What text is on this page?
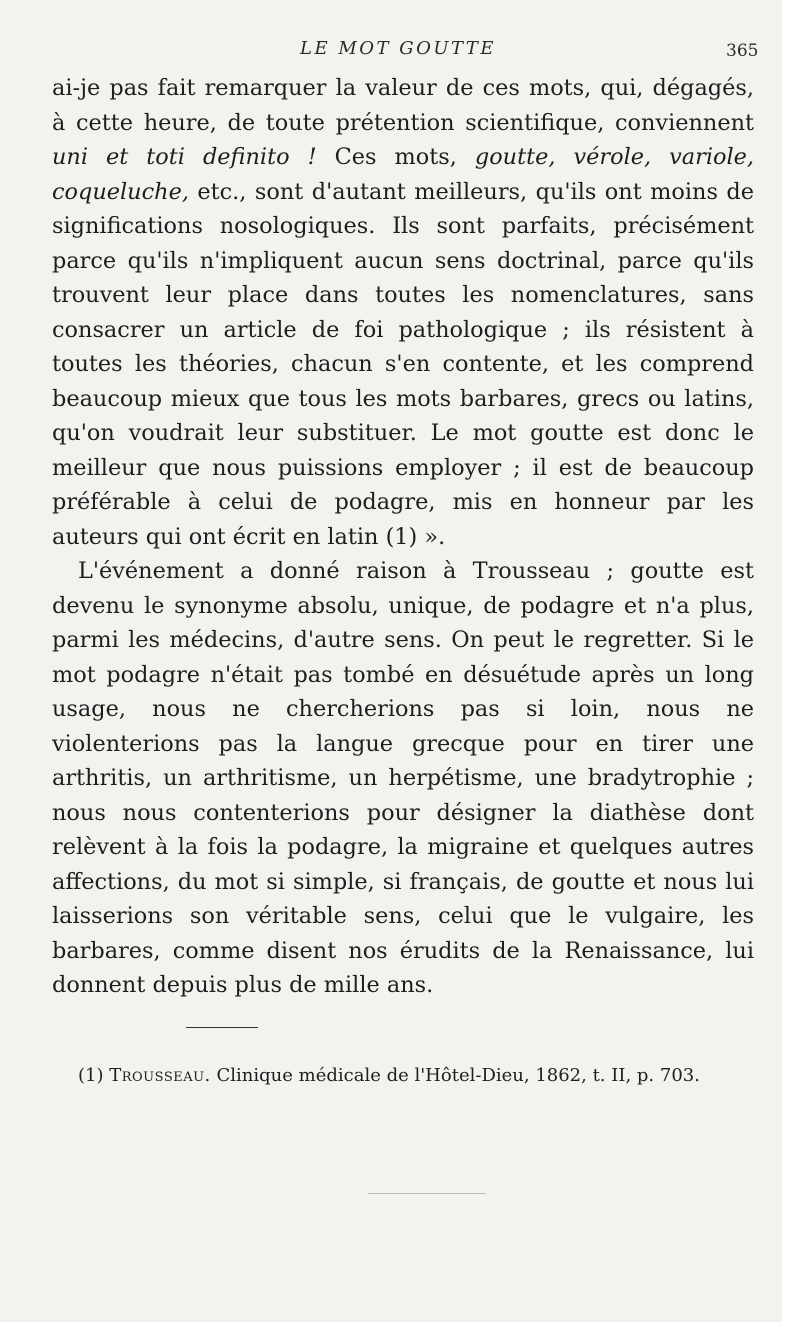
LE MOT GOUTTE	365

ai-je pas fait remarquer la valeur de ces mots, qui, dégagés, à cette heure, de toute prétention scientifique, conviennent uni et toti definito ! Ces mots, goutte, vérole, variole, coqueluche, etc., sont d'autant meilleurs, qu'ils ont moins de significations nosologiques. Ils sont parfaits, précisément parce qu'ils n'impliquent aucun sens doctrinal, parce qu'ils trouvent leur place dans toutes les nomenclatures, sans consacrer un article de foi pathologique ; ils résistent à toutes les théories, chacun s'en contente, et les comprend beaucoup mieux que tous les mots barbares, grecs ou latins, qu'on voudrait leur substituer. Le mot goutte est donc le meilleur que nous puissions employer ; il est de beaucoup préférable à celui de podagre, mis en honneur par les auteurs qui ont écrit en latin (1) ».

L'événement a donné raison à Trousseau ; goutte est devenu le synonyme absolu, unique, de podagre et n'a plus, parmi les médecins, d'autre sens. On peut le regretter. Si le mot podagre n'était pas tombé en désuétude après un long usage, nous ne chercherions pas si loin, nous ne violenterions pas la langue grecque pour en tirer une arthritis, un arthritisme, un herpétisme, une bradytrophie ; nous nous contenterions pour désigner la diathèse dont relèvent à la fois la podagre, la migraine et quelques autres affections, du mot si simple, si français, de goutte et nous lui laisserions son véritable sens, celui que le vulgaire, les barbares, comme disent nos érudits de la Renaissance, lui donnent depuis plus de mille ans.

(1) Trousseau. Clinique médicale de l'Hôtel-Dieu, 1862, t. II, p. 703.
